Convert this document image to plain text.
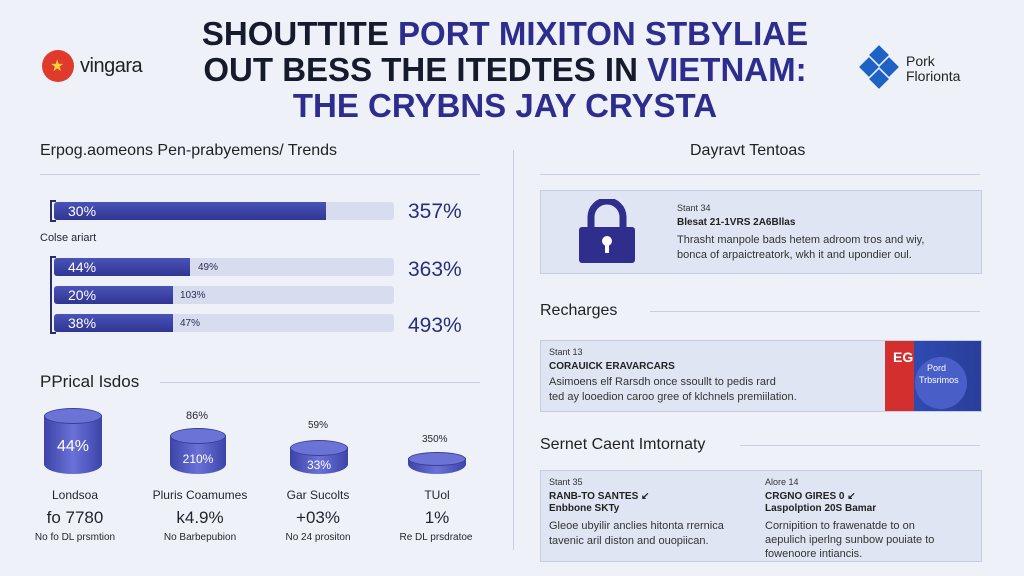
★
vingara
SHOUTTITE PORT MIXITON STBYLIAE
OUT BESS THE ITEDTES IN VIETNAM:
THE CRYBNS JAY CRYSTA
Pork
Florionta
Erpog.aomeons Pen-prabyemens/ Trends
30%	357%
Colse ariart
44%	49%	363%
20%	103%
38%	47%	493%
PPrical Isdos
44%
86%
210%
59%
33%
350%
Londsoa
fo 7780
No fo DL prsmtion
Pluris Coamumes
k4.9%
No Barbepubion
Gar Sucolts
+03%
No 24 prositon
TUol
1%
Re DL prsdratoe
Dayravt Tentoas
Stant 34
Blesat 21-1VRS 2A6Bllas
Thrasht manpole bads hetem adroom tros and wiy,
bonca of arpaictreatork, wkh it and upondier oul.
Recharges
Stant 13
CORAUICK ERAVARCARS
Asimoens elf Rarsdh once ssoullt to pedis rard
ted ay looedion caroo gree of klchnels premiilation.
EG
Pord
Trbsrimos
Sernet Caent Imtornaty
Stant 35
RANB-TO SANTES ↙
Enbbone SKTy
Gleoe ubyilir anclies hitonta rrernica
tavenic aril diston and ouopiican.
Alore 14
CRGNO GIRES 0 ↙
Laspolption 20S Bamar
Cornipition to frawenatde to on
aepulich iperlng sunbow pouiate to
fowenoore intiancis.
